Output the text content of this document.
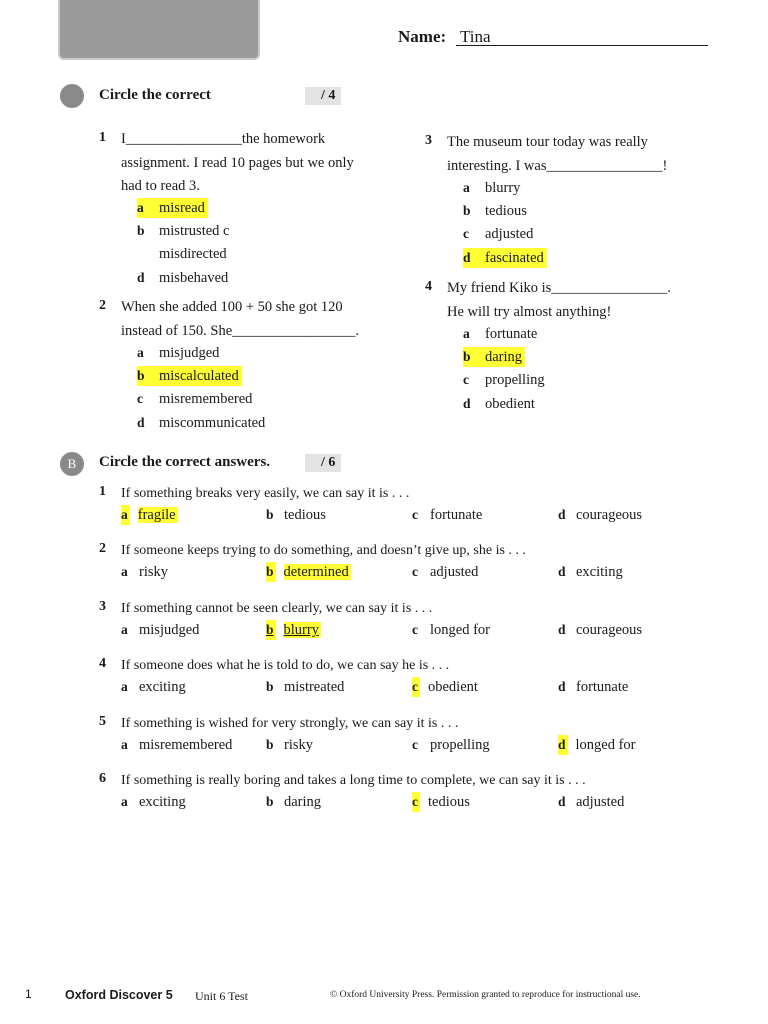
Name: Tina
Circle the correct	/ 4
1 I________________the homework
assignment. I read 10 pages but we only
had to read 3.
a misread
b mistrusted c
misdirected
d misbehaved
2 When she added 100 + 50 she got 120
instead of 150. She_________________.
a misjudged
b miscalculated
c misremembered
d miscommunicated
3 The museum tour today was really
interesting. I was________________!
a blurry
b tedious
c adjusted
d fascinated
4 My friend Kiko is________________.
He will try almost anything!
a fortunate
b daring
c propelling
d obedient
B	Circle the correct answers.	/ 6
1 If something breaks very easily, we can say it is . . .
a fragile	b tedious	c fortunate	d courageous
2 If someone keeps trying to do something, and doesn’t give up, she is . . .
a risky	b determined	c adjusted	d exciting
3 If something cannot be seen clearly, we can say it is . . .
a misjudged	b blurry	c longed for	d courageous
4 If someone does what he is told to do, we can say he is . . .
a exciting	b mistreated	c obedient	d fortunate
5 If something is wished for very strongly, we can say it is . . .
a misremembered b risky	c propelling	d longed for
6 If something is really boring and takes a long time to complete, we can say it is . . .
a exciting	b daring	c tedious	d adjusted
1	Oxford Discover 5 Unit 6 Test	© Oxford University Press. Permission granted to reproduce for instructional use.
